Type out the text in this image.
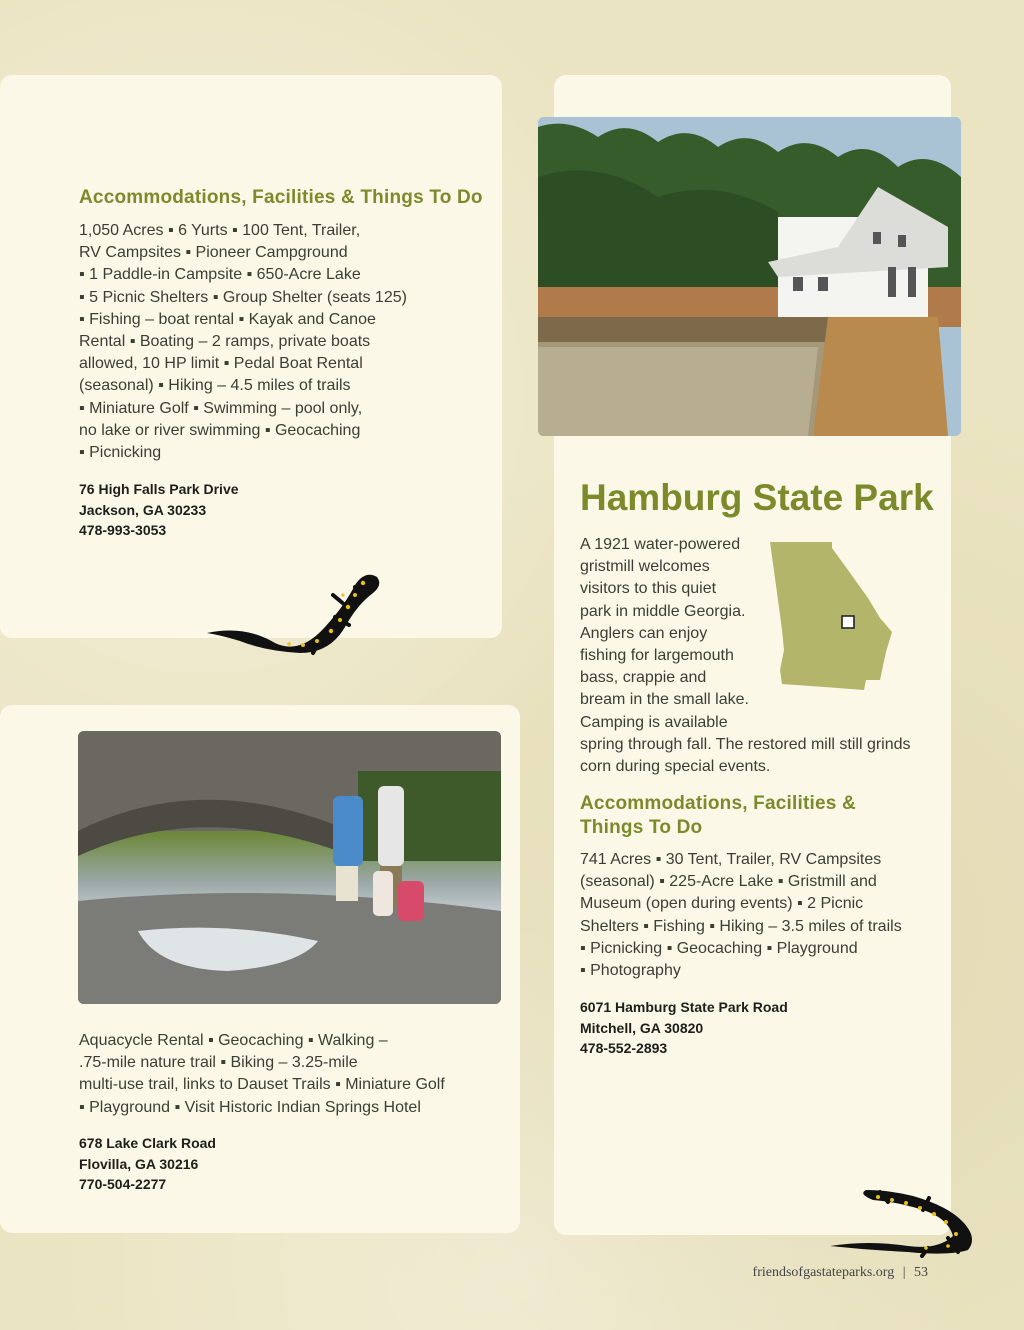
Accommodations, Facilities & Things To Do
1,050 Acres ▪ 6 Yurts ▪ 100 Tent, Trailer,
RV Campsites ▪ Pioneer Campground
▪ 1 Paddle-in Campsite ▪ 650-Acre Lake
▪ 5 Picnic Shelters ▪ Group Shelter (seats 125)
▪ Fishing – boat rental ▪ Kayak and Canoe
Rental ▪ Boating – 2 ramps, private boats
allowed, 10 HP limit ▪ Pedal Boat Rental
(seasonal) ▪ Hiking – 4.5 miles of trails
▪ Miniature Golf ▪ Swimming – pool only,
no lake or river swimming ▪ Geocaching
▪ Picnicking
76 High Falls Park Drive
Jackson, GA 30233
478-993-3053
Aquacycle Rental ▪ Geocaching ▪ Walking –
.75-mile nature trail ▪ Biking – 3.25-mile
multi-use trail, links to Dauset Trails ▪ Miniature Golf
▪ Playground ▪ Visit Historic Indian Springs Hotel
678 Lake Clark Road
Flovilla, GA 30216
770-504-2277
Hamburg State Park
A 1921 water-powered
gristmill welcomes
visitors to this quiet
park in middle Georgia.
Anglers can enjoy
fishing for largemouth
bass, crappie and
bream in the small lake.
Camping is available
spring through fall. The restored mill still grinds
corn during special events.
Accommodations, Facilities &
Things To Do
741 Acres ▪ 30 Tent, Trailer, RV Campsites
(seasonal) ▪ 225-Acre Lake ▪ Gristmill and
Museum (open during events) ▪ 2 Picnic
Shelters ▪ Fishing ▪ Hiking – 3.5 miles of trails
▪ Picnicking ▪ Geocaching ▪ Playground
▪ Photography
6071 Hamburg State Park Road
Mitchell, GA 30820
478-552-2893
friendsofgastateparks.org | 53
